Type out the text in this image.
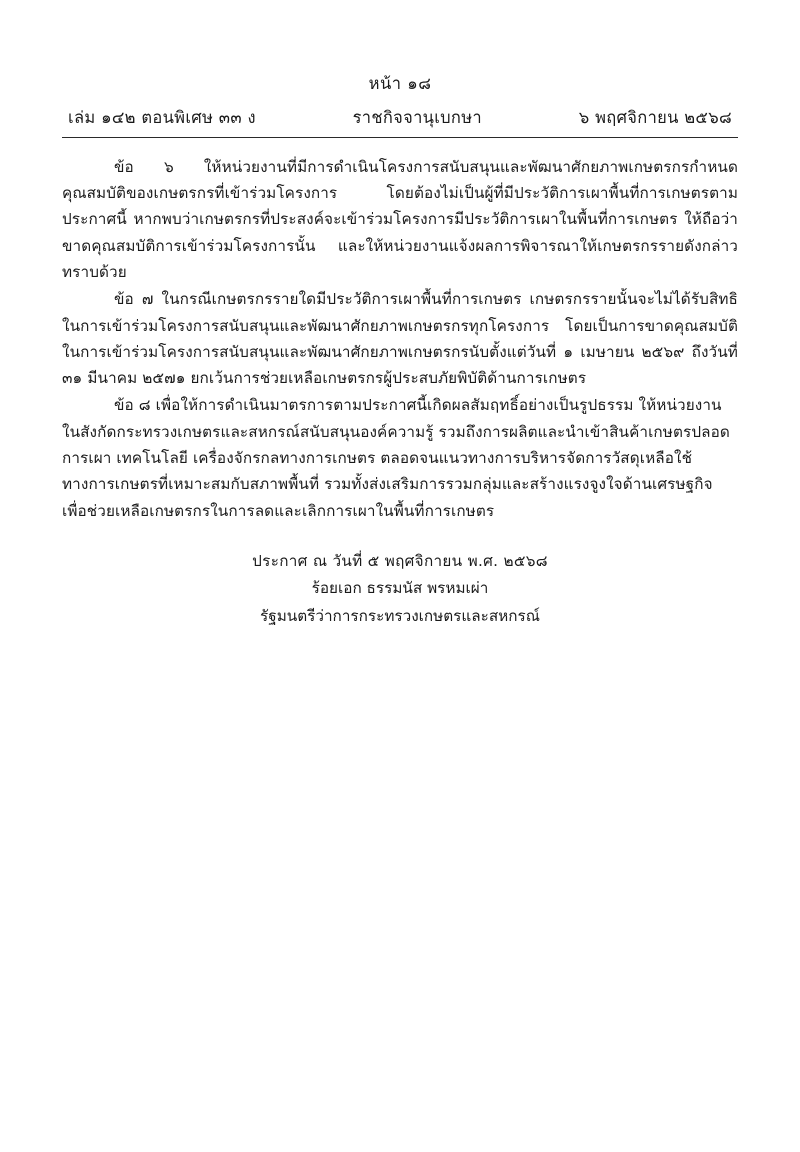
หน้า ๑๘
เล่ม ๑๔๒ ตอนพิเศษ ๓๓ ง	ราชกิจจานุเบกษา	๖ พฤศจิกายน ๒๕๖๘

ข้อ ๖ ให้หน่วยงานที่มีการดำเนินโครงการสนับสนุนและพัฒนาศักยภาพเกษตรกรกำหนดคุณสมบัติของเกษตรกรที่เข้าร่วมโครงการ โดยต้องไม่เป็นผู้ที่มีประวัติการเผาพื้นที่การเกษตรตามประกาศนี้ หากพบว่าเกษตรกรที่ประสงค์จะเข้าร่วมโครงการมีประวัติการเผาในพื้นที่การเกษตร ให้ถือว่าขาดคุณสมบัติการเข้าร่วมโครงการนั้น และให้หน่วยงานแจ้งผลการพิจารณาให้เกษตรกรรายดังกล่าวทราบด้วย

ข้อ ๗ ในกรณีเกษตรกรรายใดมีประวัติการเผาพื้นที่การเกษตร เกษตรกรรายนั้นจะไม่ได้รับสิทธิในการเข้าร่วมโครงการสนับสนุนและพัฒนาศักยภาพเกษตรกรทุกโครงการ โดยเป็นการขาดคุณสมบัติในการเข้าร่วมโครงการสนับสนุนและพัฒนาศักยภาพเกษตรกรนับตั้งแต่วันที่ ๑ เมษายน ๒๕๖๙ ถึงวันที่ ๓๑ มีนาคม ๒๕๗๑ ยกเว้นการช่วยเหลือเกษตรกรผู้ประสบภัยพิบัติด้านการเกษตร

ข้อ ๘ เพื่อให้การดำเนินมาตรการตามประกาศนี้เกิดผลสัมฤทธิ์อย่างเป็นรูปธรรม ให้หน่วยงานในสังกัดกระทรวงเกษตรและสหกรณ์สนับสนุนองค์ความรู้ รวมถึงการผลิตและนำเข้าสินค้าเกษตรปลอดการเผา เทคโนโลยี เครื่องจักรกลทางการเกษตร ตลอดจนแนวทางการบริหารจัดการวัสดุเหลือใช้ทางการเกษตรที่เหมาะสมกับสภาพพื้นที่ รวมทั้งส่งเสริมการรวมกลุ่มและสร้างแรงจูงใจด้านเศรษฐกิจ เพื่อช่วยเหลือเกษตรกรในการลดและเลิกการเผาในพื้นที่การเกษตร

ประกาศ ณ วันที่ ๕ พฤศจิกายน พ.ศ. ๒๕๖๘
ร้อยเอก ธรรมนัส พรหมเผ่า
รัฐมนตรีว่าการกระทรวงเกษตรและสหกรณ์
